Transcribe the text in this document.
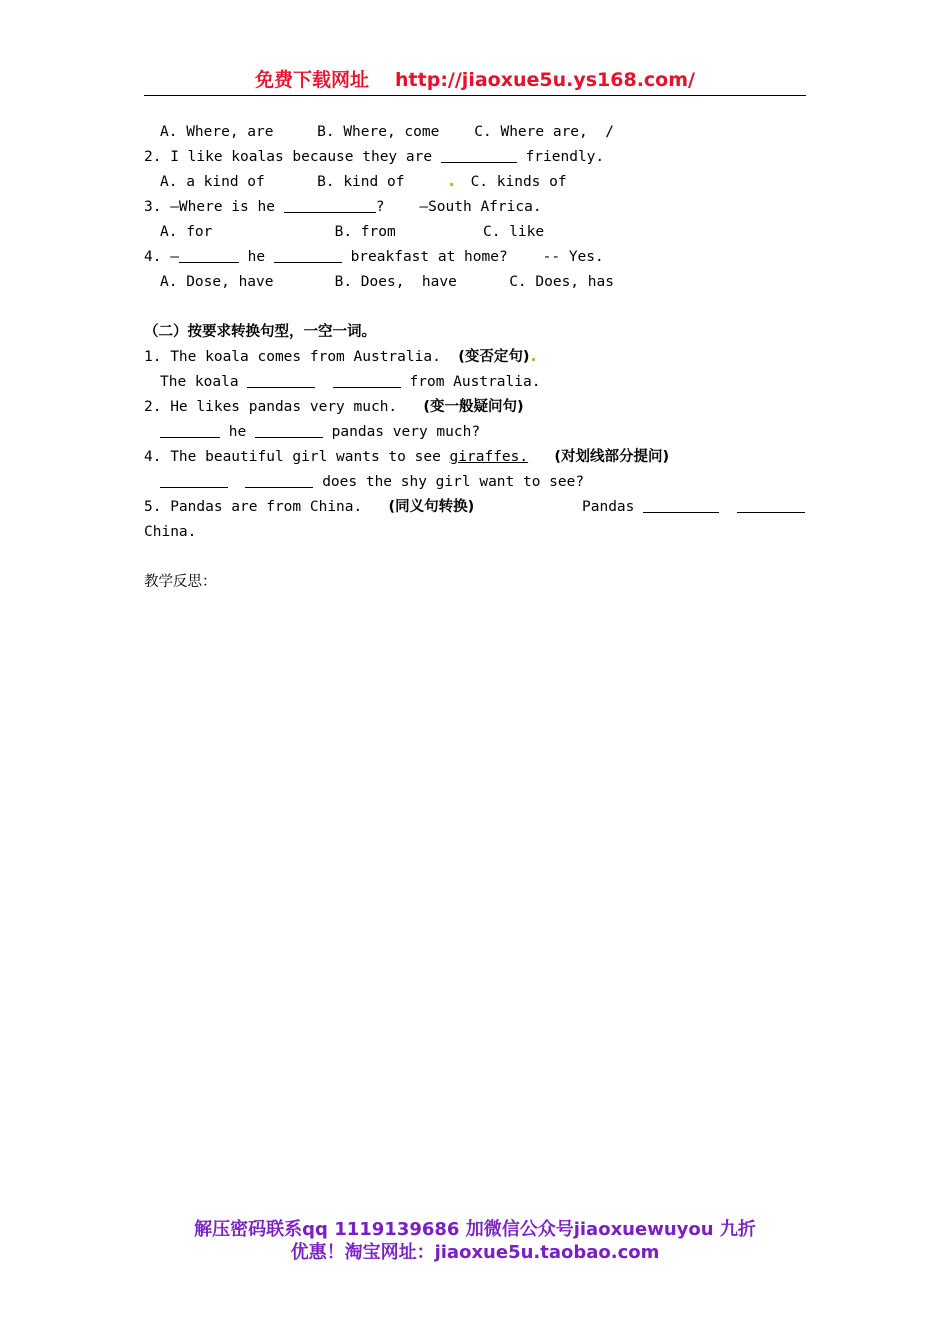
免费下载网址 http://jiaoxue5u.ys168.com/
A. Where, are     B. Where, come    C. Where are,  /
2. I like koalas because they are	friendly.
A. a kind of      B. kind of	C. kinds of
3. —Where is he	?    —South Africa.
A. for              B. from          C. like
4. —	he	breakfast at home?    -- Yes.
A. Dose, have       B. Does,  have      C. Does, has
（二）按要求转换句型，一空一词。
1. The koala comes from Australia.  (变否定句)
The koala	from Australia.
2. He likes pandas very much.   (变一般疑问句)
he	pandas very much?
4. The beautiful girl wants to see giraffes. (对划线部分提问)
does the shy girl want to see?
5. Pandas are from China.   (同义句转换)	Pandas
China.
教学反思：
解压密码联系qq 1119139686 加微信公众号jiaoxuewuyou 九折
优惠！淘宝网址：jiaoxue5u.taobao.com
